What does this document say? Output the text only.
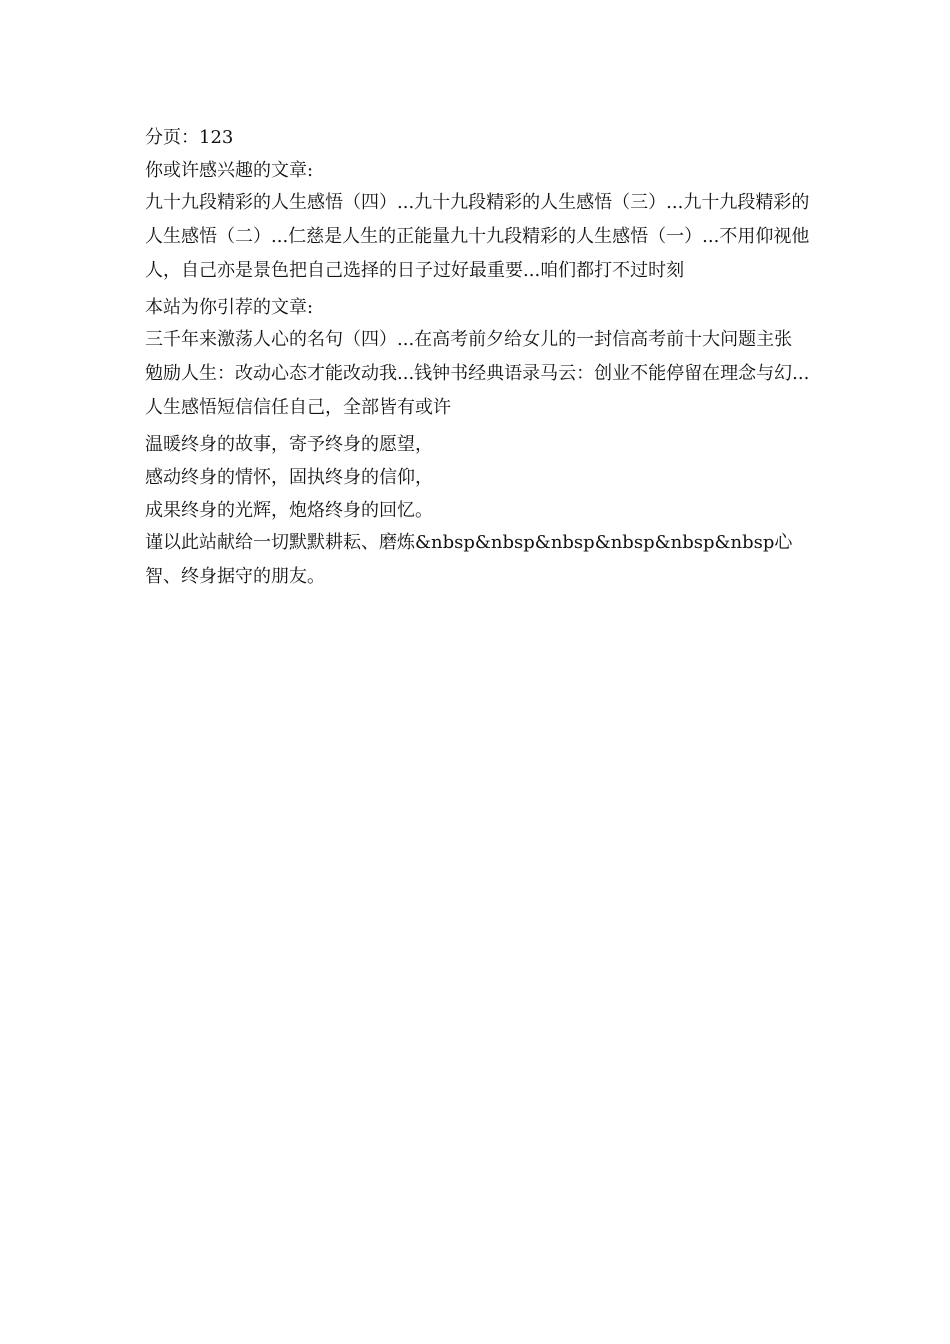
分页：123

你或许感兴趣的文章:

九十九段精彩的人生感悟（四）...九十九段精彩的人生感悟（三）...九十九段精彩的人生感悟（二）...仁慈是人生的正能量九十九段精彩的人生感悟（一）...不用仰视他人，自己亦是景色把自己选择的日子过好最重要...咱们都打不过时刻

本站为你引荐的文章:

三千年来激荡人心的名句（四）...在高考前夕给女儿的一封信高考前十大问题主张勉励人生：改动心态才能改动我...钱钟书经典语录马云：创业不能停留在理念与幻...人生感悟短信信任自己，全部皆有或许

温暖终身的故事，寄予终身的愿望，

感动终身的情怀，固执终身的信仰，

成果终身的光辉，炮烙终身的回忆。

谨以此站献给一切默默耕耘、磨炼&nbsp&nbsp&nbsp&nbsp&nbsp&nbsp心智、终身据守的朋友。
